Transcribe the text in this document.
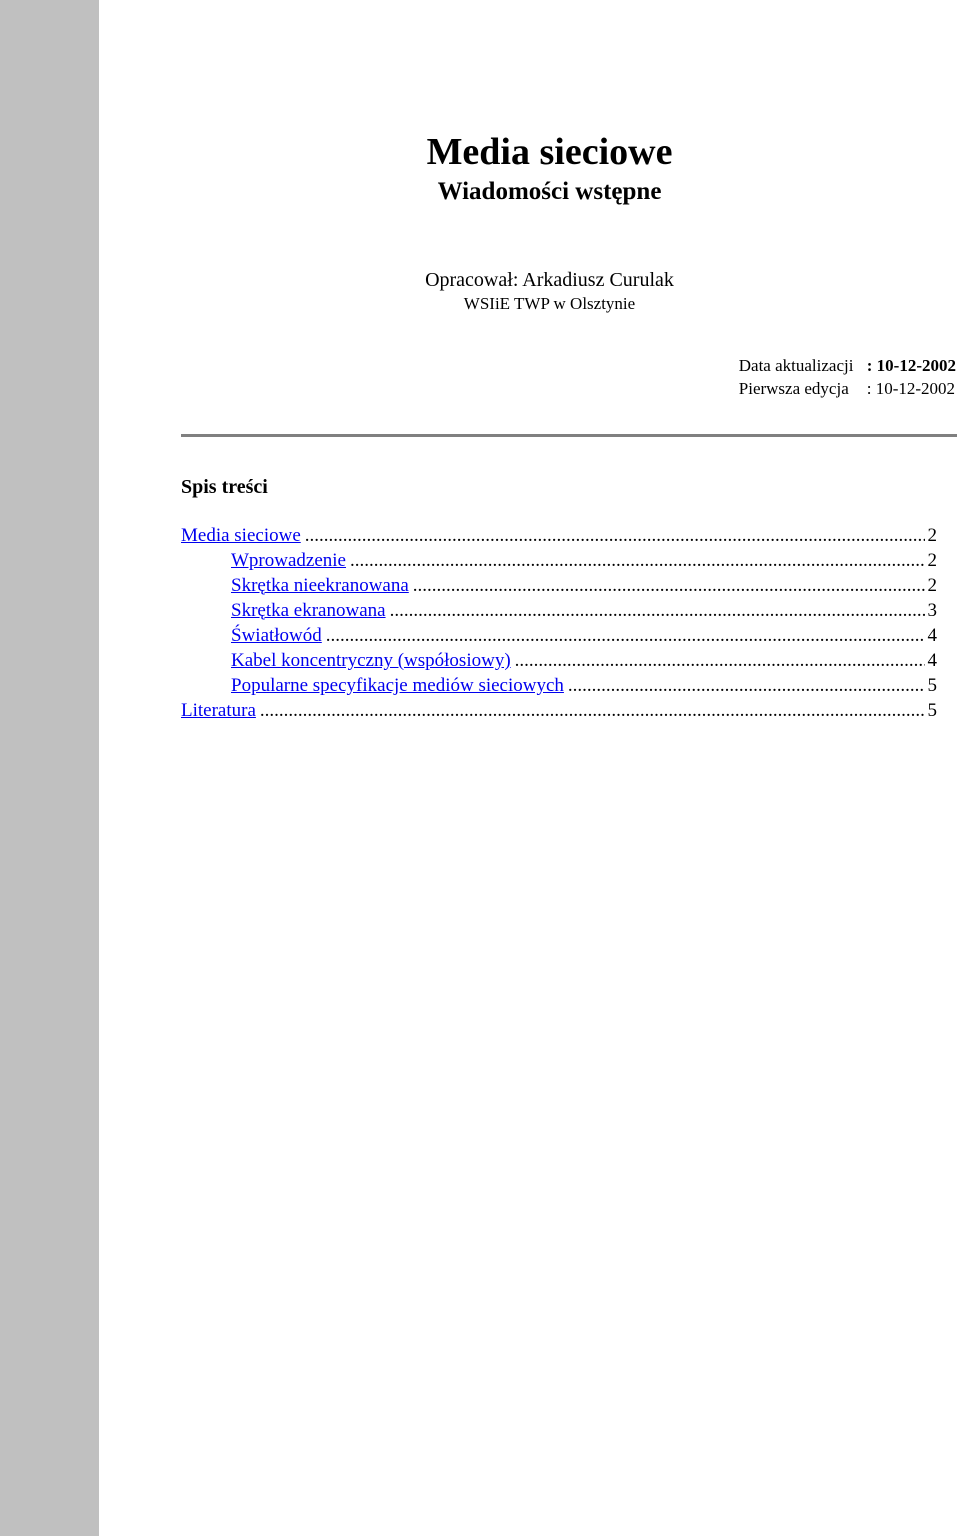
Media sieciowe
Wiadomości wstępne
Opracował: Arkadiusz Curulak
WSIiE TWP w Olsztynie
Data aktualizacji : 10-12-2002
Pierwsza edycja : 10-12-2002
Spis treści
Media sieciowe .....	2
Wprowadzenie .....	2
Skrętka nieekranowana .....	2
Skrętka ekranowana .....	3
Światłowód .....	4
Kabel koncentryczny (współosiowy) .....	4
Popularne specyfikacje mediów sieciowych .....	5
Literatura .....	5
